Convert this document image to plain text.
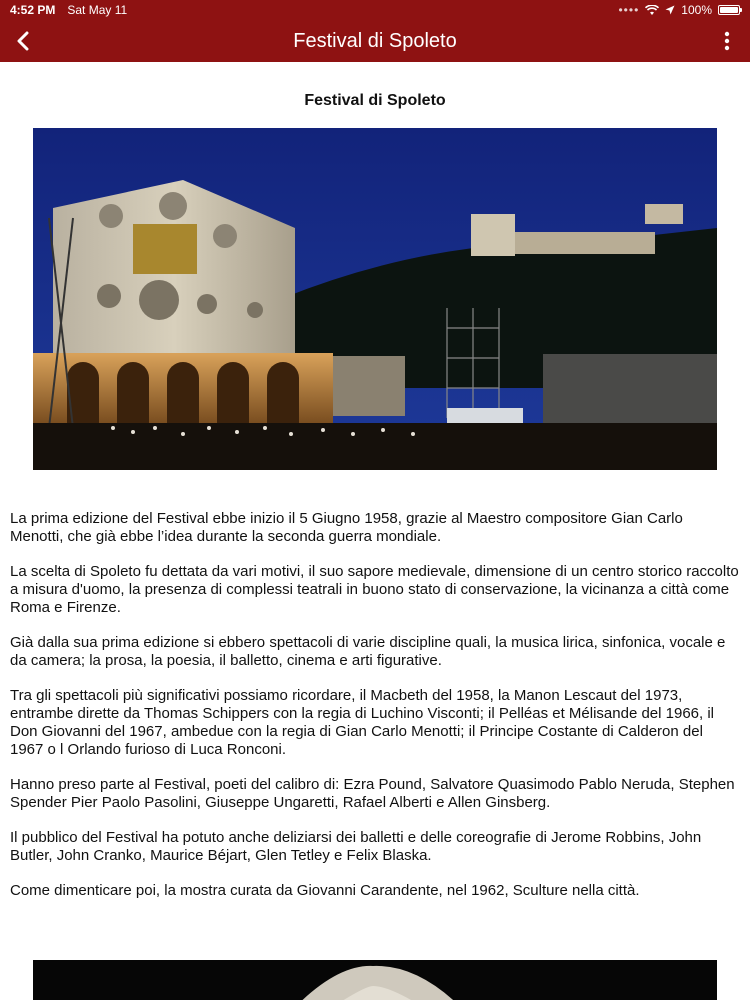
4:52 PM Sat May 11	••••	100%
Festival di Spoleto
Festival di Spoleto

La prima edizione del Festival ebbe inizio il 5 Giugno 1958, grazie al Maestro compositore Gian Carlo Menotti, che già ebbe l’idea durante la seconda guerra mondiale.

La scelta di Spoleto fu dettata da vari motivi, il suo sapore medievale, dimensione di un centro storico raccolto a misura d'uomo, la presenza di complessi teatrali in buono stato di conservazione, la vicinanza a città come Roma e Firenze.

Già dalla sua prima edizione si ebbero spettacoli di varie discipline quali, la musica lirica, sinfonica, vocale e da camera; la prosa, la poesia, il balletto, cinema e arti figurative.

Tra gli spettacoli più significativi possiamo ricordare, il Macbeth del 1958, la Manon Lescaut del 1973, entrambe dirette da Thomas Schippers con la regia di Luchino Visconti; il Pelléas et Mélisande del 1966, il Don Giovanni del 1967, ambedue con la regia di Gian Carlo Menotti; il Principe Costante di Calderon del 1967 o l Orlando furioso di Luca Ronconi.

Hanno preso parte al Festival, poeti del calibro di: Ezra Pound, Salvatore Quasimodo Pablo Neruda, Stephen Spender Pier Paolo Pasolini, Giuseppe Ungaretti, Rafael Alberti e Allen Ginsberg.

Il pubblico del Festival ha potuto anche deliziarsi dei balletti e delle coreografie di Jerome Robbins, John Butler, John Cranko, Maurice Béjart, Glen Tetley e Felix Blaska.

Come dimenticare poi, la mostra curata da Giovanni Carandente, nel 1962, Sculture nella città.
